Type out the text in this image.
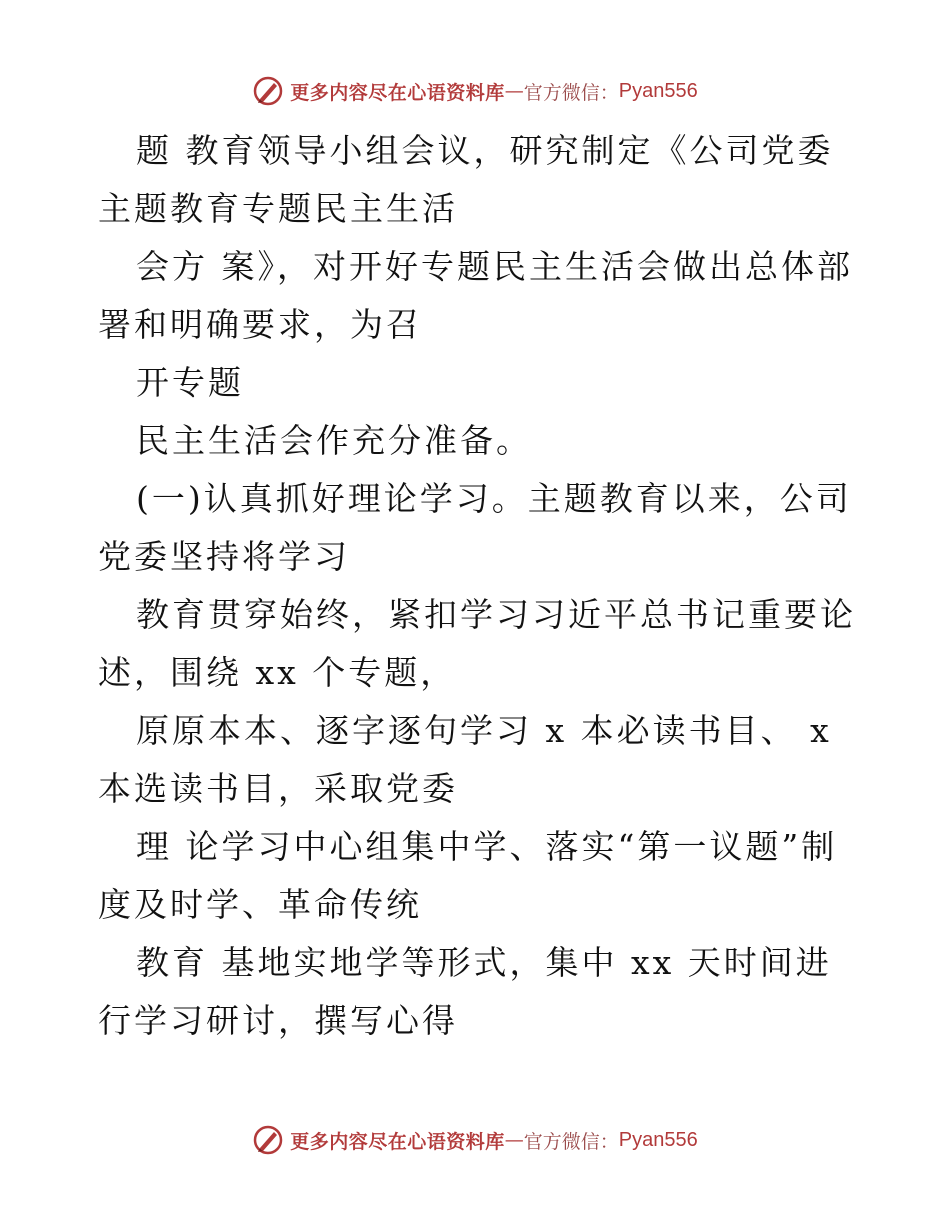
更多内容尽在心语资料库 — 官方微信： Pyan556

题 教育领导小组会议，研究制定《公司党委主题教育专题民主生活

会方 案》，对开好专题民主生活会做出总体部署和明确要求，为召

开专题

民主生活会作充分准备。

(一)认真抓好理论学习。主题教育以来，公司党委坚持将学习

教育贯穿始终，紧扣学习习近平总书记重要论述，围绕 xx 个专题，

原原本本、逐字逐句学习 x 本必读书目、 x 本选读书目，采取党委

理 论学习中心组集中学、落实“第一议题”制度及时学、革命传统

教育 基地实地学等形式，集中 xx 天时间进行学习研讨，撰写心得

更多内容尽在心语资料库 — 官方微信： Pyan556
